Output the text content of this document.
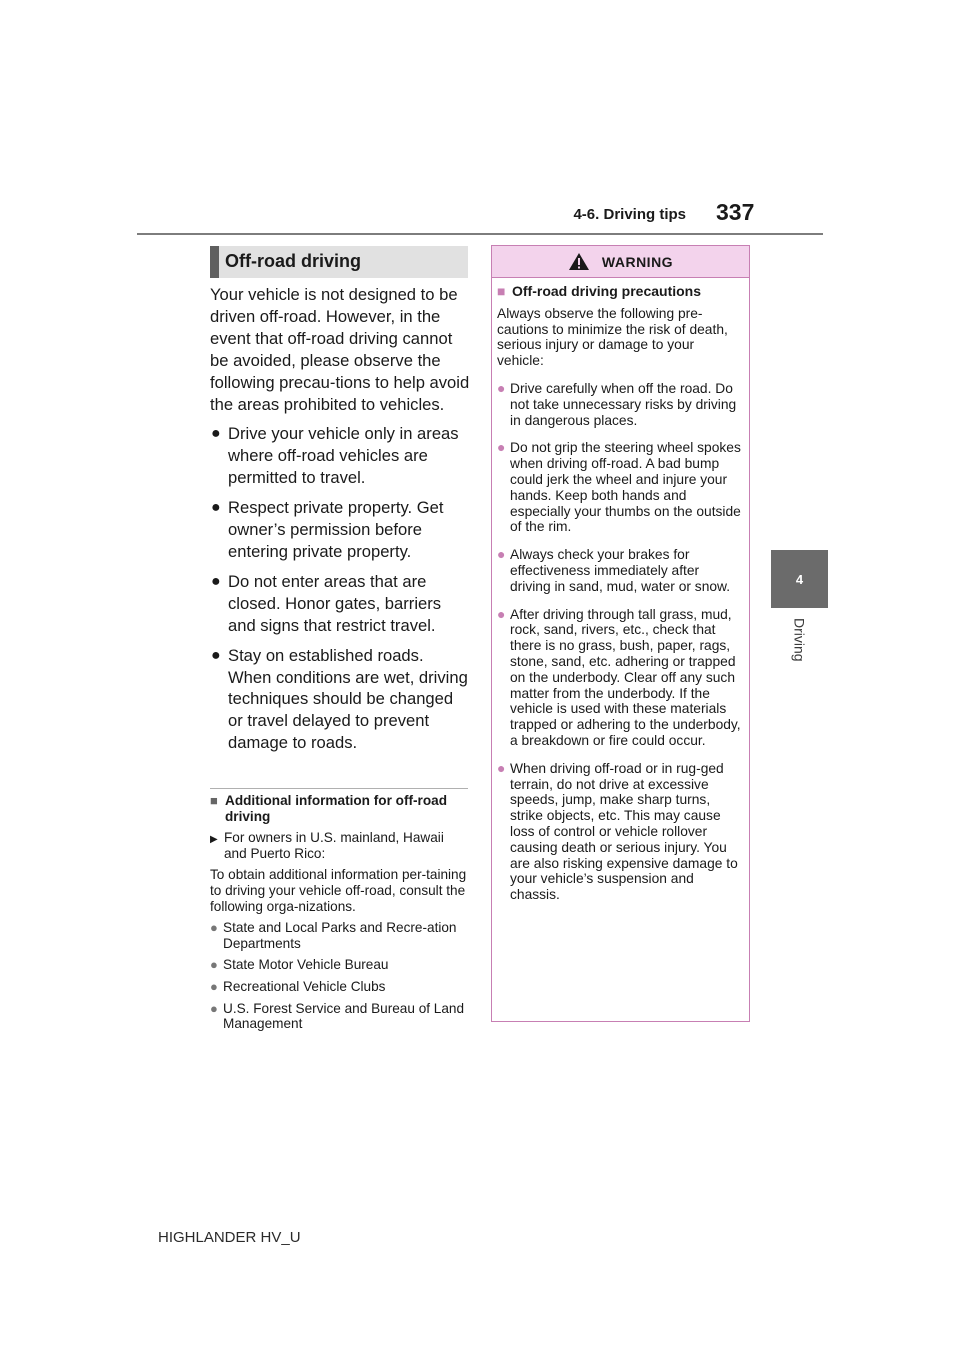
4-6. Driving tips 337
4
Driving
Off-road driving

Your vehicle is not designed to be driven off-road. However, in the event that off-road driving cannot be avoided, please observe the following precau-tions to help avoid the areas prohibited to vehicles.

● Drive your vehicle only in areas where off-road vehicles are permitted to travel.
● Respect private property. Get owner’s permission before entering private property.
● Do not enter areas that are closed. Honor gates, barriers and signs that restrict travel.
● Stay on established roads. When conditions are wet, driving techniques should be changed or travel delayed to prevent damage to roads.
■ Additional information for off-road driving
▶ For owners in U.S. mainland, Hawaii and Puerto Rico:

To obtain additional information per-taining to driving your vehicle off-road, consult the following orga-nizations.

● State and Local Parks and Recre-ation Departments
● State Motor Vehicle Bureau
● Recreational Vehicle Clubs
● U.S. Forest Service and Bureau of Land Management
WARNING
■ Off-road driving precautions

Always observe the following pre-cautions to minimize the risk of death, serious injury or damage to your vehicle:

● Drive carefully when off the road. Do not take unnecessary risks by driving in dangerous places.
● Do not grip the steering wheel spokes when driving off-road. A bad bump could jerk the wheel and injure your hands. Keep both hands and especially your thumbs on the outside of the rim.
● Always check your brakes for effectiveness immediately after driving in sand, mud, water or snow.
● After driving through tall grass, mud, rock, sand, rivers, etc., check that there is no grass, bush, paper, rags, stone, sand, etc. adhering or trapped on the underbody. Clear off any such matter from the underbody. If the vehicle is used with these materials trapped or adhering to the underbody, a breakdown or fire could occur.
● When driving off-road or in rug-ged terrain, do not drive at excessive speeds, jump, make sharp turns, strike objects, etc. This may cause loss of control or vehicle rollover causing death or serious injury. You are also risking expensive damage to your vehicle’s suspension and chassis.
HIGHLANDER HV_U
